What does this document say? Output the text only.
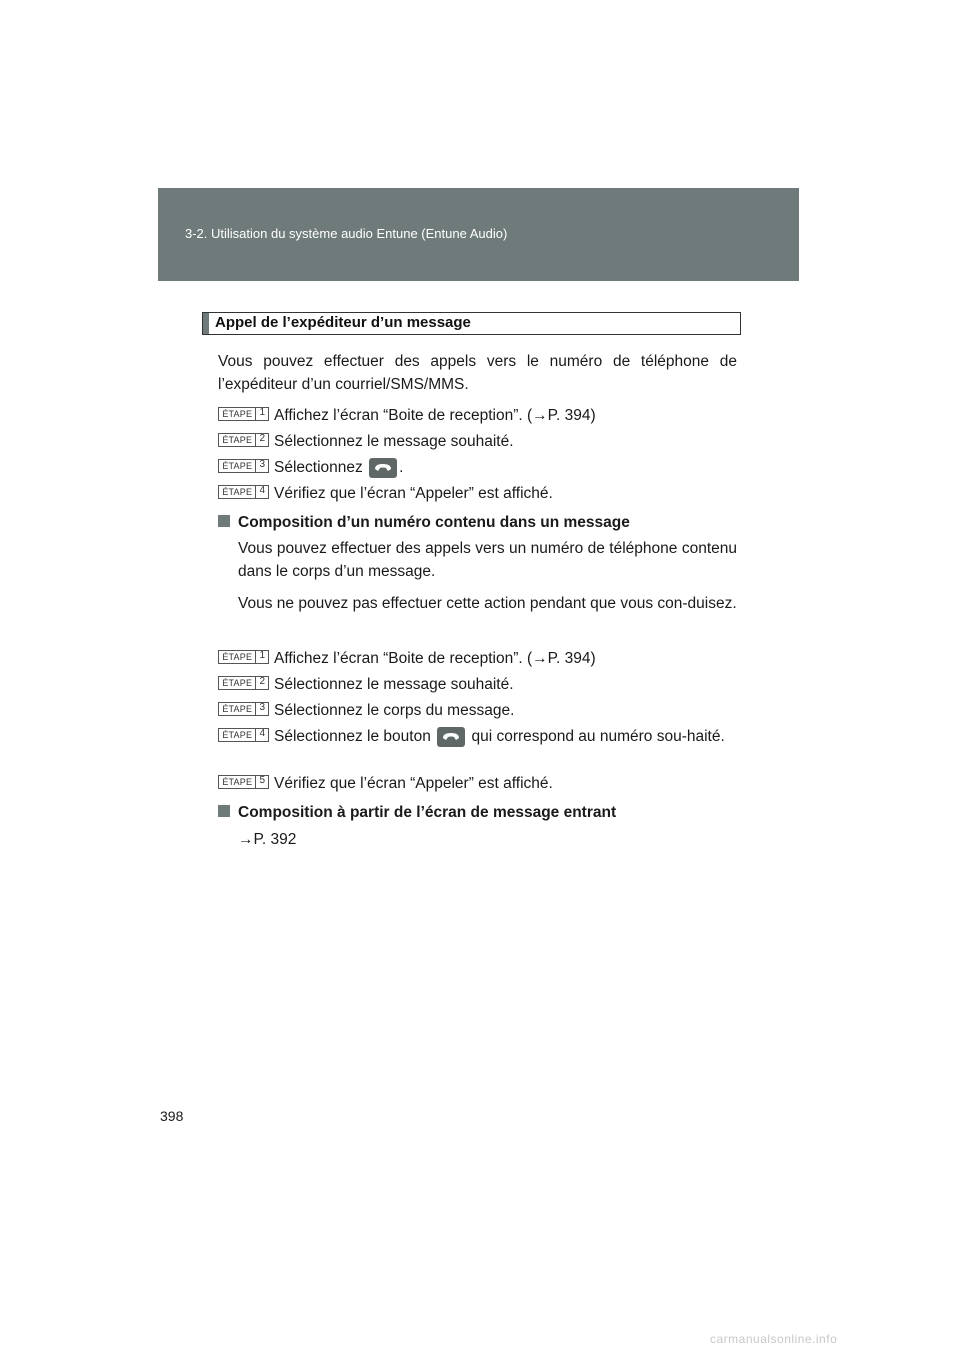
3-2. Utilisation du système audio Entune (Entune Audio)
Appel de l’expéditeur d’un message

Vous pouvez effectuer des appels vers le numéro de téléphone de l’expéditeur d’un courriel/SMS/MMS.

ÉTAPE 1 Affichez l’écran “Boite de reception”. (→P. 394)
ÉTAPE 2 Sélectionnez le message souhaité.
ÉTAPE 3 Sélectionnez
.
ÉTAPE 4 Vérifiez que l’écran “Appeler” est affiché.
Composition d’un numéro contenu dans un message

Vous pouvez effectuer des appels vers un numéro de téléphone contenu dans le corps d’un message.

Vous ne pouvez pas effectuer cette action pendant que vous con-duisez.

ÉTAPE 1 Affichez l’écran “Boite de reception”. (→P. 394)
ÉTAPE 2 Sélectionnez le message souhaité.
ÉTAPE 3 Sélectionnez le corps du message.
ÉTAPE 4 Sélectionnez le bouton
qui correspond au numéro sou-haité.
ÉTAPE 5 Vérifiez que l’écran “Appeler” est affiché.
Composition à partir de l’écran de message entrant
→P. 392
398
carmanualsonline.info
